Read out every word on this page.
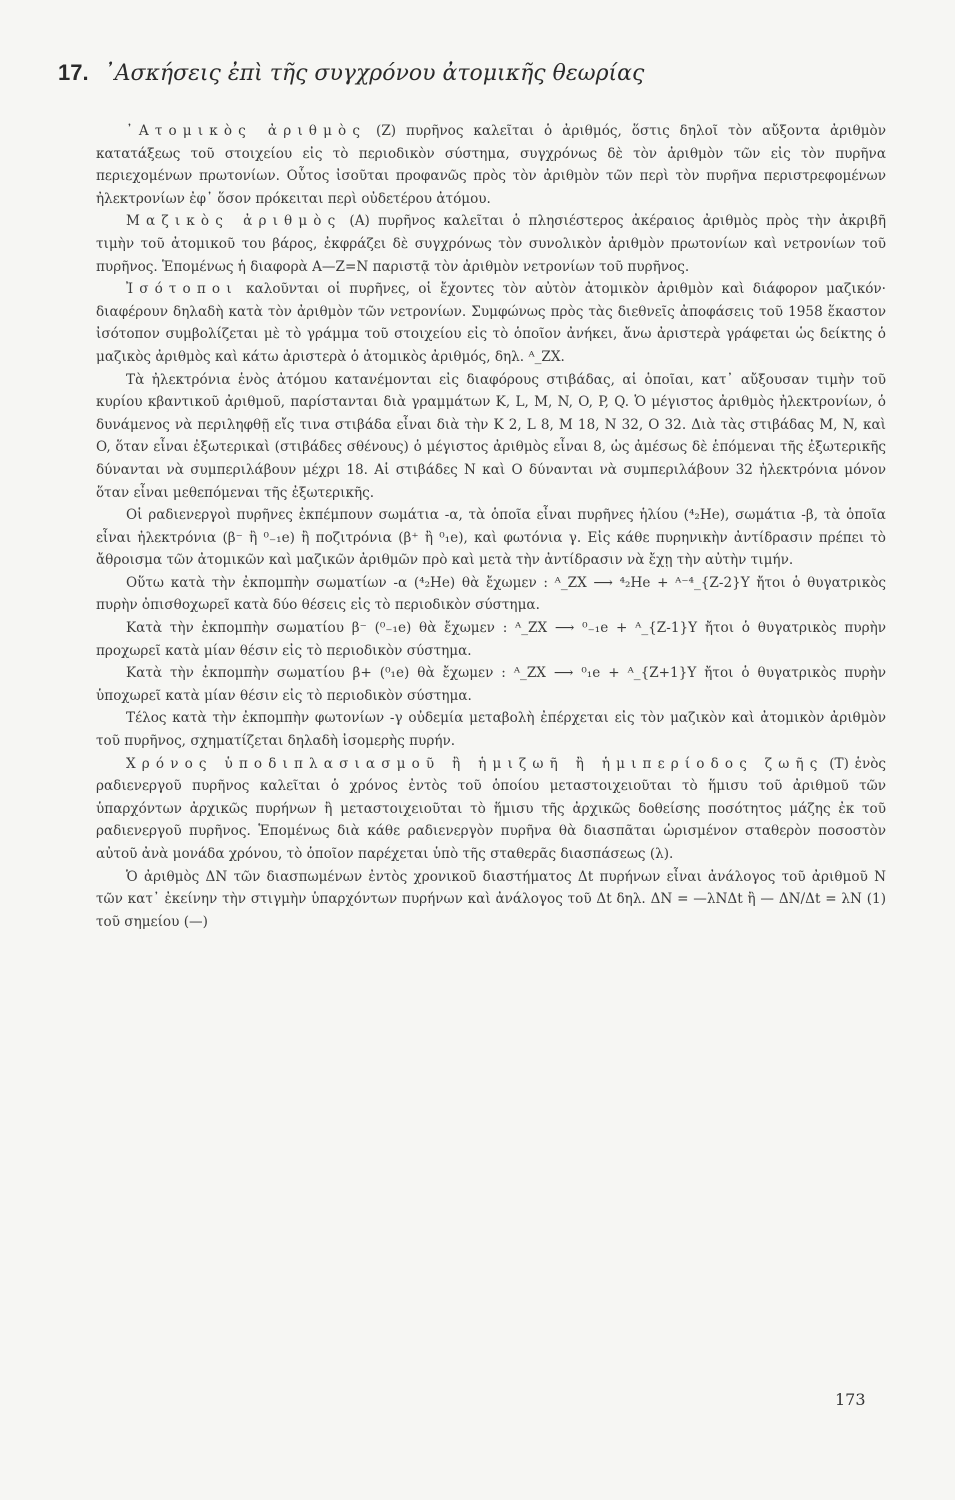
17. ᾿Ασκήσεις ἐπὶ τῆς συγχρόνου ἀτομικῆς θεωρίας

᾿Ατομικὸς ἀριθμὸς (Z) πυρῆνος καλεῖται ὁ ἀριθμός, ὅστις δηλοῖ τὸν αὔξοντα ἀριθμὸν κατατάξεως τοῦ στοιχείου εἰς τὸ περιοδικὸν σύστημα, συγχρόνως δὲ τὸν ἀριθμὸν τῶν εἰς τὸν πυρῆνα περιεχομένων πρωτονίων. Οὗτος ἰσοῦται προφανῶς πρὸς τὸν ἀριθμὸν τῶν περὶ τὸν πυρῆνα περιστρεφομένων ἠλεκτρονίων ἐφ᾿ ὅσον πρόκειται περὶ οὐδετέρου ἀτόμου.

Μαζικὸς ἀριθμὸς (A) πυρῆνος καλεῖται ὁ πλησιέστερος ἀκέραιος ἀριθμὸς πρὸς τὴν ἀκριβῆ τιμὴν τοῦ ἀτομικοῦ του βάρος, ἐκφράζει δὲ συγχρόνως τὸν συνολικὸν ἀριθμὸν πρωτονίων καὶ νετρονίων τοῦ πυρῆνος. Ἑπομένως ἡ διαφορὰ A—Z=N παριστᾷ τὸν ἀριθμὸν νετρονίων τοῦ πυρῆνος.

Ἰσότοποι καλοῦνται οἱ πυρῆνες, οἱ ἔχοντες τὸν αὐτὸν ἀτομικὸν ἀριθμὸν καὶ διάφορον μαζικόν· διαφέρουν δηλαδὴ κατὰ τὸν ἀριθμὸν τῶν νετρονίων. Συμφώνως πρὸς τὰς διεθνεῖς ἀποφάσεις τοῦ 1958 ἕκαστον ἰσότοπον συμβολίζεται μὲ τὸ γράμμα τοῦ στοιχείου εἰς τὸ ὁποῖον ἀνήκει, ἄνω ἀριστερὰ γράφεται ὡς δείκτης ὁ μαζικὸς ἀριθμὸς καὶ κάτω ἀριστερὰ ὁ ἀτομικὸς ἀριθμός, δηλ. ᴬ_ZX.

Τὰ ἠλεκτρόνια ἑνὸς ἀτόμου κατανέμονται εἰς διαφόρους στιβάδας, αἱ ὁποῖαι, κατ᾿ αὔξουσαν τιμὴν τοῦ κυρίου κβαντικοῦ ἀριθμοῦ, παρίστανται διὰ γραμμάτων K, L, M, N, O, P, Q. Ὁ μέγιστος ἀριθμὸς ἠλεκτρονίων, ὁ δυνάμενος νὰ περιληφθῇ εἴς τινα στιβάδα εἶναι διὰ τὴν K 2, L 8, M 18, N 32, O 32. Διὰ τὰς στιβάδας M, N, καὶ O, ὅταν εἶναι ἐξωτερικαὶ (στιβάδες σθένους) ὁ μέγιστος ἀριθμὸς εἶναι 8, ὡς ἀμέσως δὲ ἑπόμεναι τῆς ἐξωτερικῆς δύνανται νὰ συμπεριλάβουν μέχρι 18. Αἱ στιβάδες N καὶ O δύνανται νὰ συμπεριλάβουν 32 ἠλεκτρόνια μόνον ὅταν εἶναι μεθεπόμεναι τῆς ἐξωτερικῆς.

Οἱ ραδιενεργοὶ πυρῆνες ἐκπέμπουν σωμάτια -α, τὰ ὁποῖα εἶναι πυρῆνες ἡλίου (⁴₂He), σωμάτια -β, τὰ ὁποῖα εἶναι ἠλεκτρόνια (β⁻ ἢ ⁰₋₁e) ἢ ποζιτρόνια (β⁺ ἢ ⁰₁e), καὶ φωτόνια γ. Εἰς κάθε πυρηνικὴν ἀντίδρασιν πρέπει τὸ ἄθροισμα τῶν ἀτομικῶν καὶ μαζικῶν ἀριθμῶν πρὸ καὶ μετὰ τὴν ἀντίδρασιν νὰ ἔχῃ τὴν αὐτὴν τιμήν.

Οὕτω κατὰ τὴν ἐκπομπὴν σωματίων -α (⁴₂He) θὰ ἔχωμεν : ᴬ_ZX ⟶ ⁴₂He + ᴬ⁻⁴_{Z-2}Y ἤτοι ὁ θυγατρικὸς πυρὴν ὀπισθοχωρεῖ κατὰ δύο θέσεις εἰς τὸ περιοδικὸν σύστημα.

Κατὰ τὴν ἐκπομπὴν σωματίου β⁻ (⁰₋₁e) θὰ ἔχωμεν : ᴬ_ZX ⟶ ⁰₋₁e + ᴬ_{Z-1}Y ἤτοι ὁ θυγατρικὸς πυρὴν προχωρεῖ κατὰ μίαν θέσιν εἰς τὸ περιοδικὸν σύστημα.

Κατὰ τὴν ἐκπομπὴν σωματίου β+ (⁰₁e) θὰ ἔχωμεν : ᴬ_ZX ⟶ ⁰₁e + ᴬ_{Z+1}Y ἤτοι ὁ θυγατρικὸς πυρὴν ὑποχωρεῖ κατὰ μίαν θέσιν εἰς τὸ περιοδικὸν σύστημα.

Τέλος κατὰ τὴν ἐκπομπὴν φωτονίων -γ οὐδεμία μεταβολὴ ἐπέρχεται εἰς τὸν μαζικὸν καὶ ἀτομικὸν ἀριθμὸν τοῦ πυρῆνος, σχηματίζεται δηλαδὴ ἰσομερὴς πυρήν.

Χρόνος ὑποδιπλασιασμοῦ ἢ ἡμιζωῆ ἢ ἡμιπερίοδος ζωῆς (T) ἑνὸς ραδιενεργοῦ πυρῆνος καλεῖται ὁ χρόνος ἐντὸς τοῦ ὁποίου μεταστοιχειοῦται τὸ ἥμισυ τοῦ ἀριθμοῦ τῶν ὑπαρχόντων ἀρχικῶς πυρήνων ἢ μεταστοιχειοῦται τὸ ἥμισυ τῆς ἀρχικῶς δοθείσης ποσότητος μάζης ἐκ τοῦ ραδιενεργοῦ πυρῆνος. Ἑπομένως διὰ κάθε ραδιενεργὸν πυρῆνα θὰ διασπᾶται ὡρισμένον σταθερὸν ποσοστὸν αὐτοῦ ἀνὰ μονάδα χρόνου, τὸ ὁποῖον παρέχεται ὑπὸ τῆς σταθερᾶς διασπάσεως (λ).

Ὁ ἀριθμὸς ΔN τῶν διασπωμένων ἐντὸς χρονικοῦ διαστήματος Δt πυρήνων εἶναι ἀνάλογος τοῦ ἀριθμοῦ N τῶν κατ᾿ ἐκείνην τὴν στιγμὴν ὑπαρχόντων πυρήνων καὶ ἀνάλογος τοῦ Δt δηλ. ΔN = —λNΔt ἢ — ΔN/Δt = λN (1) τοῦ σημείου (—)

173
